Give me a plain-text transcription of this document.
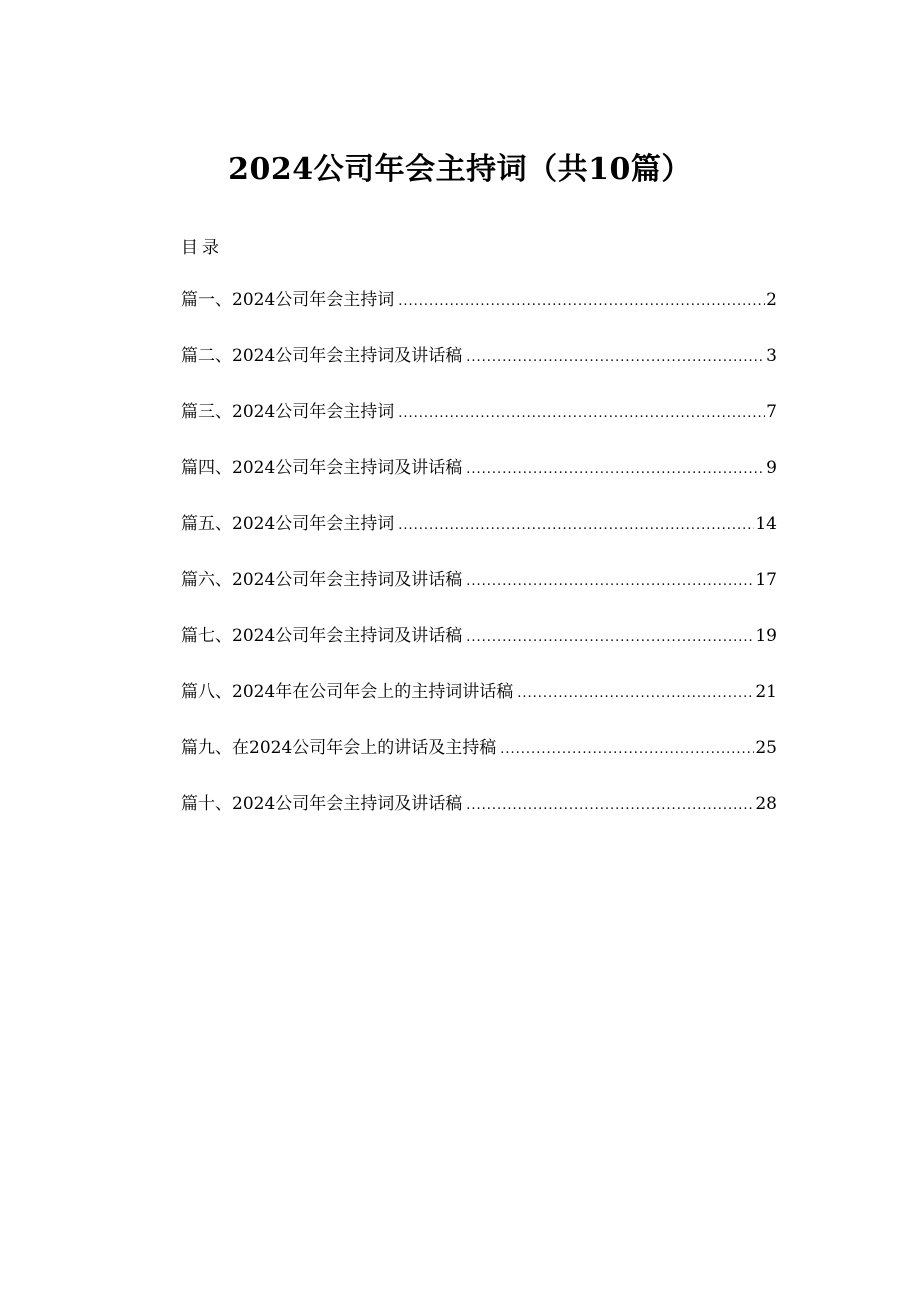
2024公司年会主持词（共10篇）
目录
篇一、2024公司年会主持词 .....	2
篇二、2024公司年会主持词及讲话稿 .....	3
篇三、2024公司年会主持词 .....	7
篇四、2024公司年会主持词及讲话稿 .....	9
篇五、2024公司年会主持词 .....	14
篇六、2024公司年会主持词及讲话稿 .....	17
篇七、2024公司年会主持词及讲话稿 .....	19
篇八、2024年在公司年会上的主持词讲话稿 .....	21
篇九、在2024公司年会上的讲话及主持稿 .....	25
篇十、2024公司年会主持词及讲话稿 .....	28
